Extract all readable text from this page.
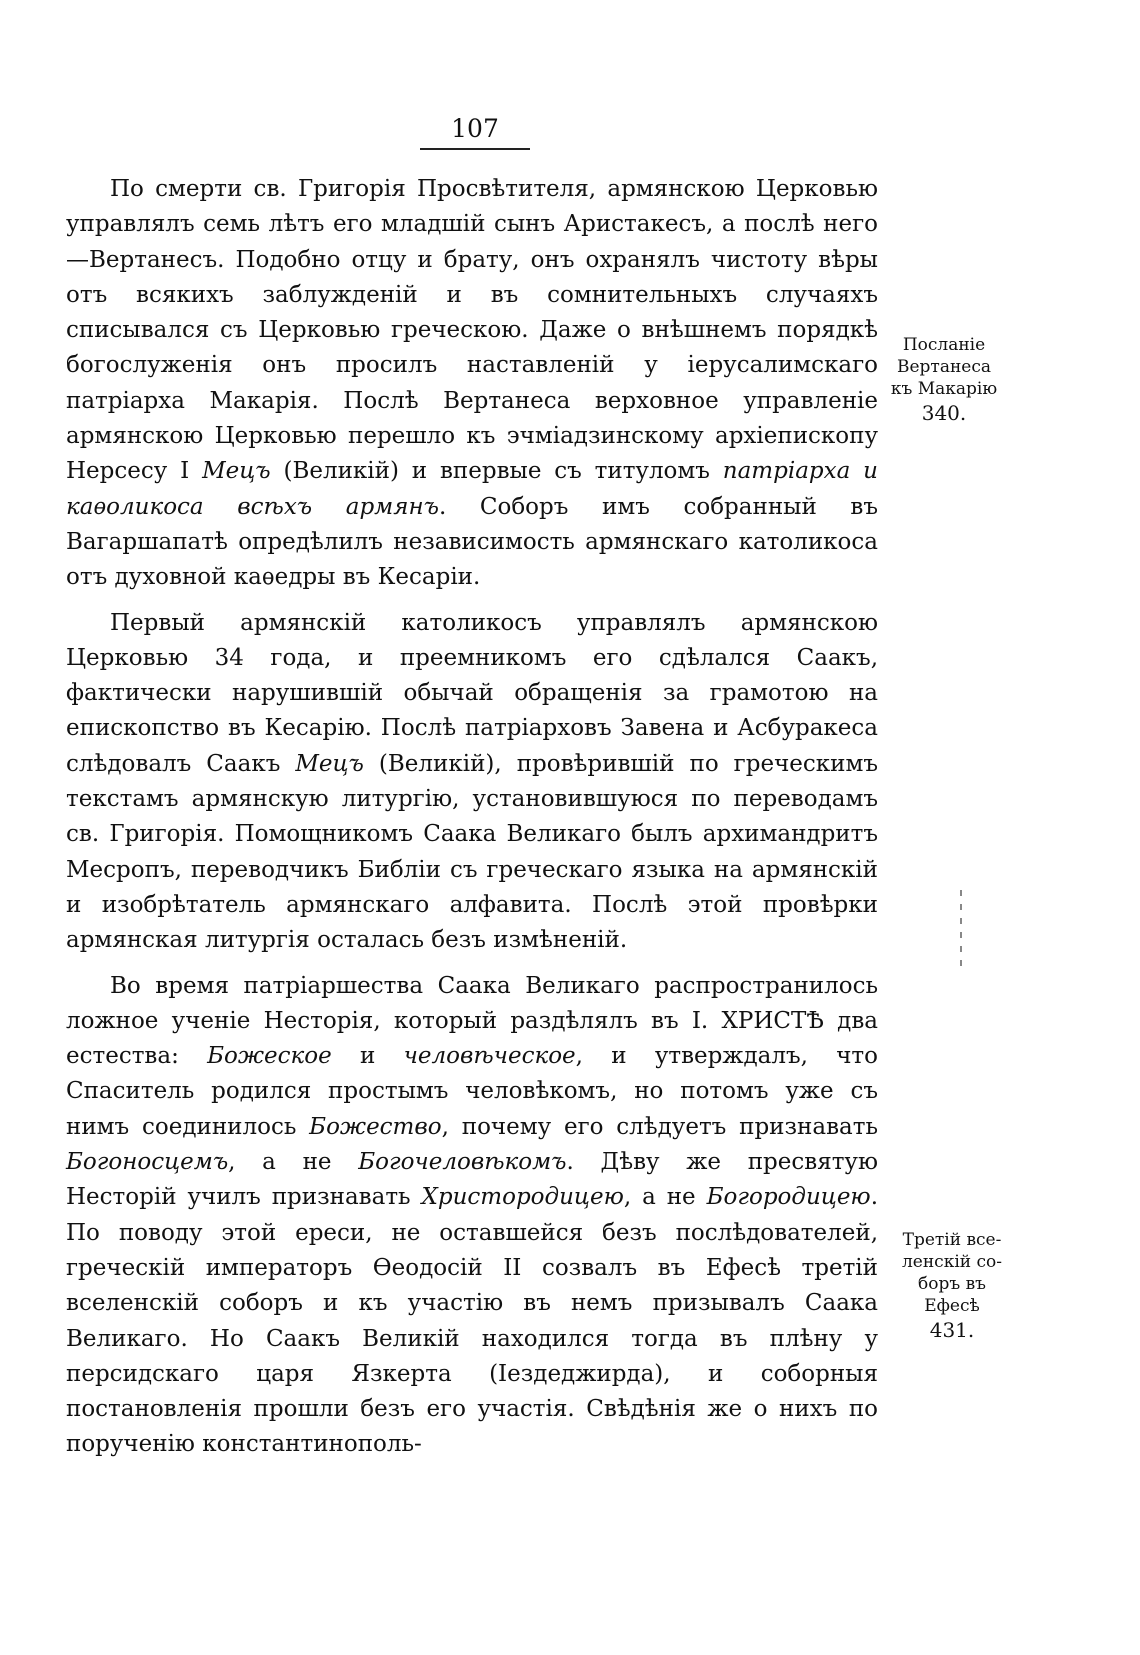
107

По смерти св. Григорія Просвѣтителя, армянскою Церковью управлялъ семь лѣтъ его младшій сынъ Аристакесъ, а послѣ него—Вертанесъ. Подобно отцу и брату, онъ охранялъ чистоту вѣры отъ всякихъ заблужденій и въ сомнительныхъ случаяхъ списывался съ Церковью греческою. Даже о внѣшнемъ порядкѣ богослуженія онъ просилъ наставленій у іерусалимскаго патріарха Макарія. Послѣ Вертанеса верховное управленіе армянскою Церковью перешло къ эчміадзинскому архіепископу Нерсесу I Мецъ (Великій) и впервые съ титуломъ патріарха и каѳоликоса всѣхъ армянъ. Соборъ имъ собранный въ Вагаршапатѣ опредѣлилъ независимость армянскаго католикоса отъ духовной каѳедры въ Кесаріи.

Первый армянскій католикосъ управлялъ армянскою Церковью 34 года, и преемникомъ его сдѣлался Саакъ, фактически нарушившій обычай обращенія за грамотою на епископство въ Кесарію. Послѣ патріарховъ Завена и Асбуракеса слѣдовалъ Саакъ Мецъ (Великій), провѣрившій по греческимъ текстамъ армянскую литургію, установившуюся по переводамъ св. Григорія. Помощникомъ Саака Великаго былъ архимандритъ Месропъ, переводчикъ Библіи съ греческаго языка на армянскій и изобрѣтатель армянскаго алфавита. Послѣ этой провѣрки армянская литургія осталась безъ измѣненій.

Во время патріаршества Саака Великаго распространилось ложное ученіе Несторія, который раздѣлялъ въ I. ХРИСТѢ два естества: Божеское и человѣческое, и утверждалъ, что Спаситель родился простымъ человѣкомъ, но потомъ уже съ нимъ соединилось Божество, почему его слѣдуетъ признавать Богоносцемъ, а не Богочеловѣкомъ. Дѣву же пресвятую Несторій училъ признавать Христородицею, а не Богородицею. По поводу этой ереси, не оставшейся безъ послѣдователей, греческій императоръ Ѳеодосій II созвалъ въ Ефесѣ третій вселенскій соборъ и къ участію въ немъ призывалъ Саака Великаго. Но Саакъ Великій находился тогда въ плѣну у персидскаго царя Язкерта (Іездеджирда), и соборныя постановленія прошли безъ его участія. Свѣдѣнія же о нихъ по порученію константинополь-

Посланіе
Вертанеса
къ Макарію
340.
Третій все-
ленскій со-
боръ въ
Ефесѣ
431.
